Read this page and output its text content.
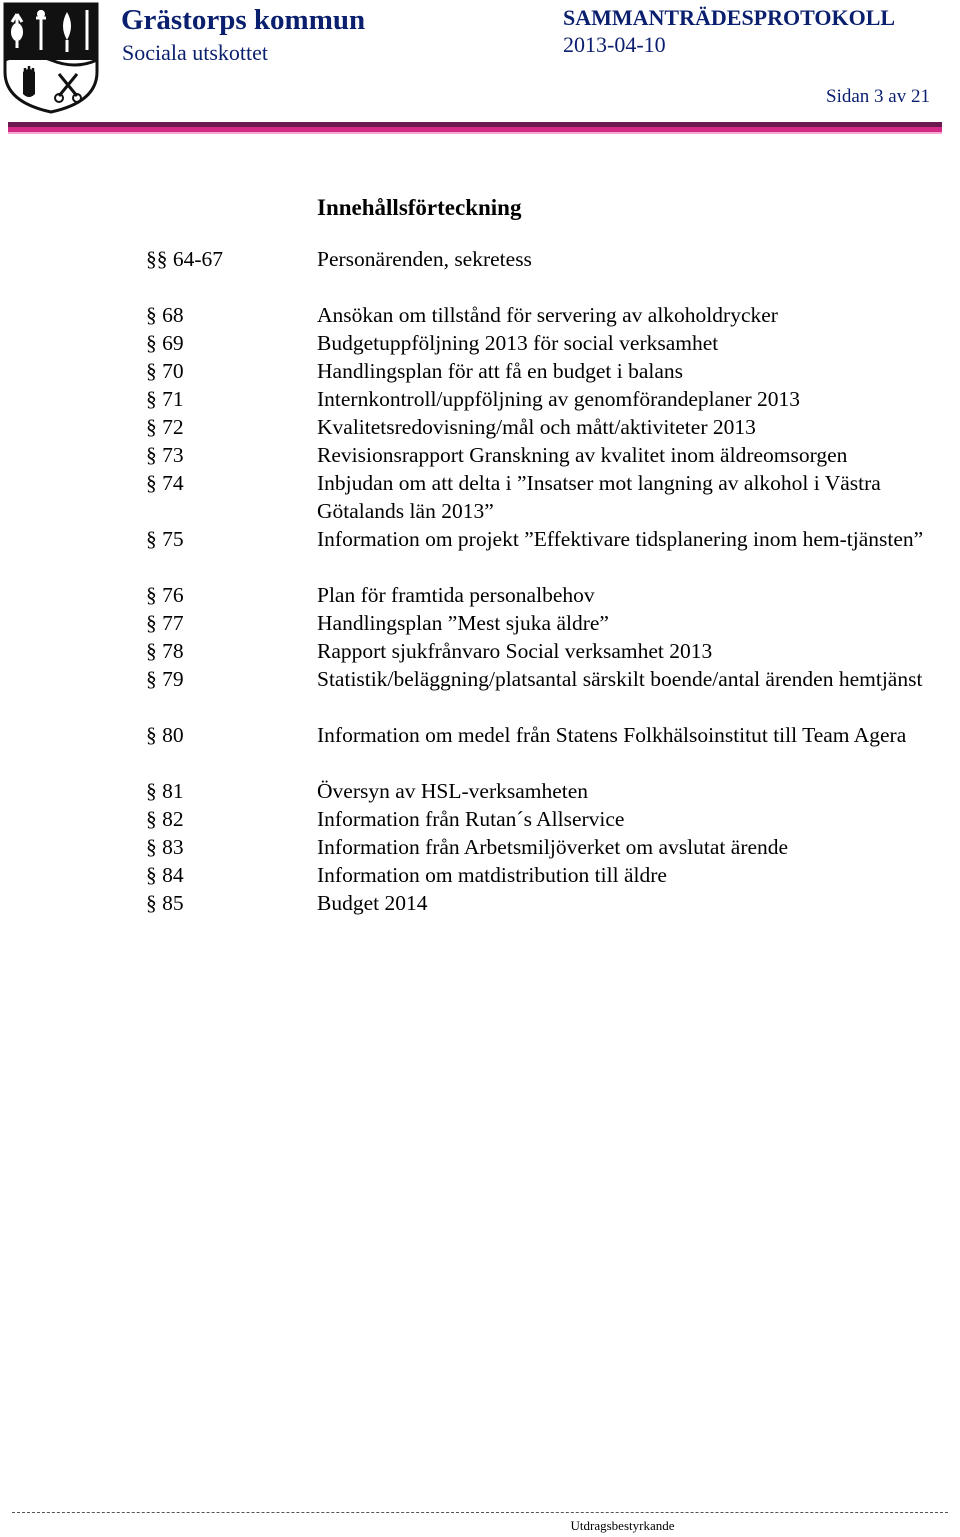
Grästorps kommun
Sociala utskottet
SAMMANTRÄDESPROTOKOLL
2013-04-10
Sidan 3 av 21
Innehållsförteckning
§§ 64-67	Personärenden, sekretess
§ 68	Ansökan om tillstånd för servering av alkoholdrycker
§ 69	Budgetuppföljning 2013 för social verksamhet
§ 70	Handlingsplan för att få en budget i balans
§ 71	Internkontroll/uppföljning av genomförandeplaner 2013
§ 72	Kvalitetsredovisning/mål och mått/aktiviteter 2013
§ 73	Revisionsrapport Granskning av kvalitet inom äldreomsorgen
§ 74	Inbjudan om att delta i ”Insatser mot langning av alkohol i Västra Götalands län 2013”
§ 75	Information om projekt ”Effektivare tidsplanering inom hem-tjänsten”
§ 76	Plan för framtida personalbehov
§ 77	Handlingsplan ”Mest sjuka äldre”
§ 78	Rapport sjukfrånvaro Social verksamhet 2013
§ 79	Statistik/beläggning/platsantal särskilt boende/antal ärenden hemtjänst
§ 80	Information om medel från Statens Folkhälsoinstitut till Team Agera
§ 81	Översyn av HSL-verksamheten
§ 82	Information från Rutan´s Allservice
§ 83	Information från Arbetsmiljöverket om avslutat ärende
§ 84	Information om matdistribution till äldre
§ 85	Budget 2014
Utdragsbestyrkande
